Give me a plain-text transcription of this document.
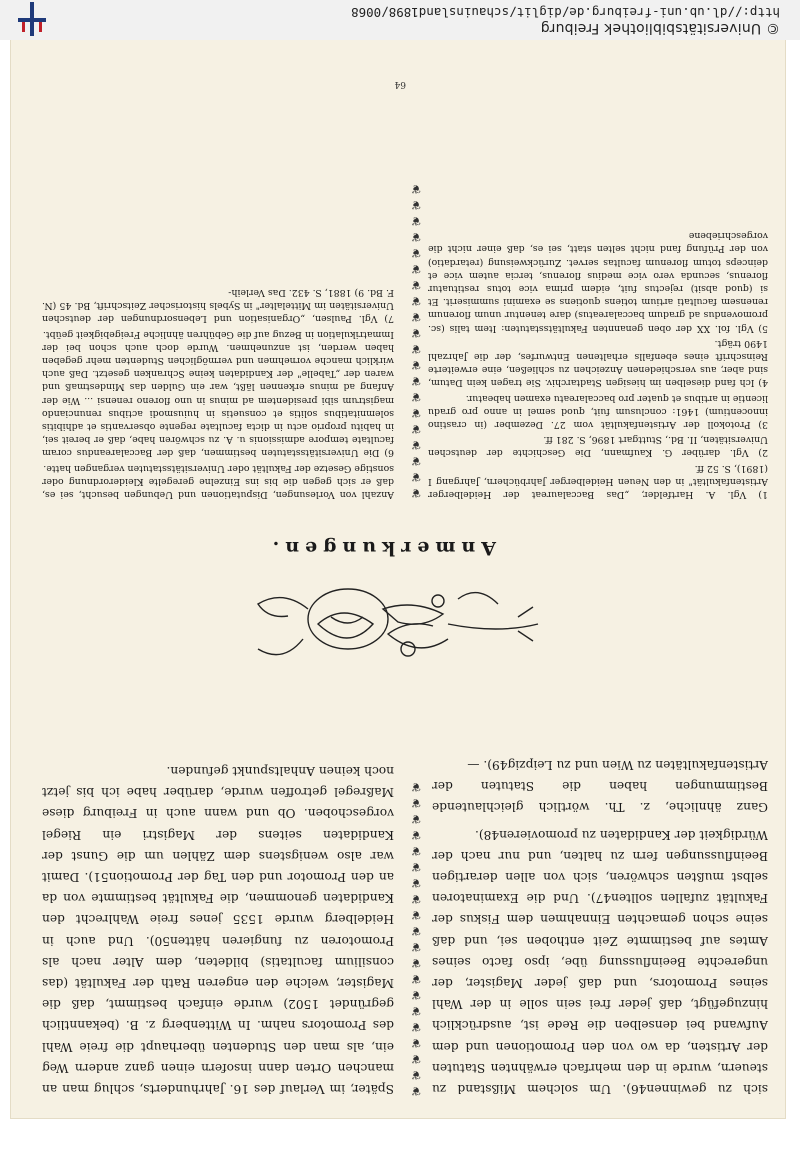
sich zu gewinnen46). Um solchem Mißstand zu steuern, wurde in den mehrfach erwähnten Statuten der Artisten, da wo von den Promotionen und dem Aufwand bei denselben die Rede ist, ausdrücklich hinzugefügt, daß jeder frei sein solle in der Wahl seines Promotors, und daß jeder Magister, der ungerechte Beeinflussung übe, ipso facto seines Amtes auf bestimmte Zeit enthoben sei, und daß seine schon gemachten Einnahmen dem Fiskus der Fakultät zufallen sollten47). Und die Examinatoren selbst mußten schwören, sich von allen derartigen Beeinflussungen fern zu halten, und nur nach der Würdigkeit der Kandidaten zu promovieren48).

Ganz ähnliche, z. Th. wörtlich gleichlautende Bestimmungen haben die Statuten der Artistenfakultäten zu Wien und zu Leipzig49). —

❦
❦
❦
❦
❦
❦
❦
❦
❦
❦
❦
❦
❦
❦
❦
❦
❦
❦
❦
❦

Später, im Verlauf des 16. Jahrhunderts, schlug man an manchen Orten dann insofern einen ganz andern Weg ein, als man den Studenten überhaupt die freie Wahl des Promotors nahm. In Wittenberg z. B. (bekanntlich gegründet 1502) wurde einfach bestimmt, daß die Magister, welche den engeren Rath der Fakultät (das consilium facultatis) bildeten, dem Alter nach als Promotoren zu fungieren hätten50). Und auch in Heidelberg wurde 1535 jenes freie Wahlrecht den Kandidaten genommen, die Fakultät bestimmte von da an den Promotor und den Tag der Promotion51). Damit war also wenigstens dem Zählen um die Gunst der Kandidaten seitens der Magistri ein Riegel vorgeschoben. Ob und wann auch in Freiburg diese Maßregel getroffen wurde, darüber habe ich bis jetzt noch keinen Anhaltspunkt gefunden.

Anmerkungen.

1) Vgl. A. Hartfelder, „Das Baccalaureat der Heidelberger Artistenfakultät" in den Neuen Heidelberger Jahrbüchern, Jahrgang I (1891), S. 52 ff.

2) Vgl. darüber G. Kaufmann, Die Geschichte der deutschen Universitäten, II. Bd., Stuttgart 1896, S. 281 ff.

3) Protokoll der Artistenfakultät vom 27. Dezember (in crastino innocentium) 1461: conclusum fuit, quod semel in anno pro gradu licentie in artibus et quater pro baccalareatu examen habeatur.

4) Ich fand dieselben im hiesigen Stadtarchiv. Sie tragen kein Datum, sind aber, aus verschiedenen Anzeichen zu schließen, eine erweiterte Reinschrift eines ebenfalls erhaltenen Entwurfes, der die Jahrzahl 1490 trägt.

5) Vgl. fol. XX der oben genannten Fakultätsstatuten: Item talis (sc. promovendus ad gradum baccalareatus) dare tenentur unum florenum renensem facultati artium totiens quotiens se examini summiserit. Et si (quod absit) rejectus fuit, eidem prima vice totus restituatur florenus, secunda vero vice medius florenus, tercia autem vice et deinceps totum florenum facultas servet. Zurückweisung (retardatio) von der Prüfung fand nicht selten statt, sei es, daß einer nicht die vorgeschriebene

❦
❦
❦
❦
❦
❦
❦
❦
❦
❦
❦
❦
❦
❦
❦
❦
❦
❦
❦
❦

Anzahl von Vorlesungen, Disputationen und Uebungen besucht, sei es, daß er sich gegen die bis ins Einzelne geregelte Kleiderordnung oder sonstige Gesetze der Fakultät oder Universitätsstatuten vergangen hatte.

6) Die Universitätsstatuten bestimmen, daß der Baccalareandus coram facultate tempore admissionis u. A. zu schwören habe, daß er bereit sei, in habitu proprio actu in dicta facultate regente observantis et adhibitis solemnitatibus solitis et consuetis in huiusmodi actibus renunciando magistrum sibi presidentem ad minus in uno floreno renensi ... Wie der Anfang ad minus erkennen läßt, war ein Gulden das Mindestmaß und waren der „Tabelle" der Kandidaten keine Schranken gesetzt. Daß auch wirklich manche vornehmen und vermöglichen Studenten mehr gegeben haben werden, ist anzunehmen. Wurde doch auch schon bei der Immatrikulation in Bezug auf die Gebühren ähnliche Freigebigkeit geübt.

7) Vgl. Paulsen, „Organisation und Lebensordnungen der deutschen Universitäten im Mittelalter" in Sybels historischer Zeitschrift, Bd. 45 (N. F. Bd. 9) 1881, S. 432. Das Verleih-

64
© Universitätsbibliothek Freiburg
http://dl.ub.uni-freiburg.de/diglit/schauinsland1898/0068
